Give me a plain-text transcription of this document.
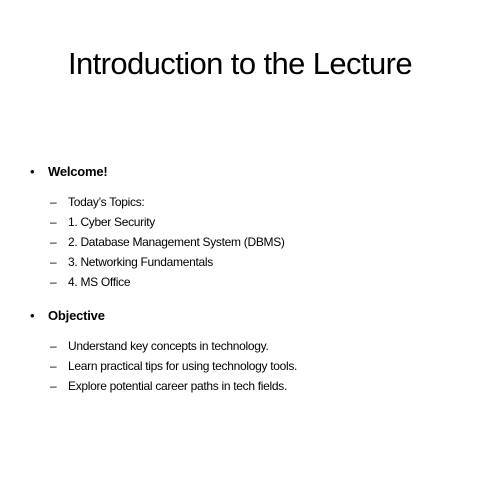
Introduction to the Lecture
•	Welcome!
– Today’s Topics:
– 1. Cyber Security
– 2. Database Management System (DBMS)
– 3. Networking Fundamentals
– 4. MS Office
•	Objective
– Understand key concepts in technology.
– Learn practical tips for using technology tools.
– Explore potential career paths in tech fields.
